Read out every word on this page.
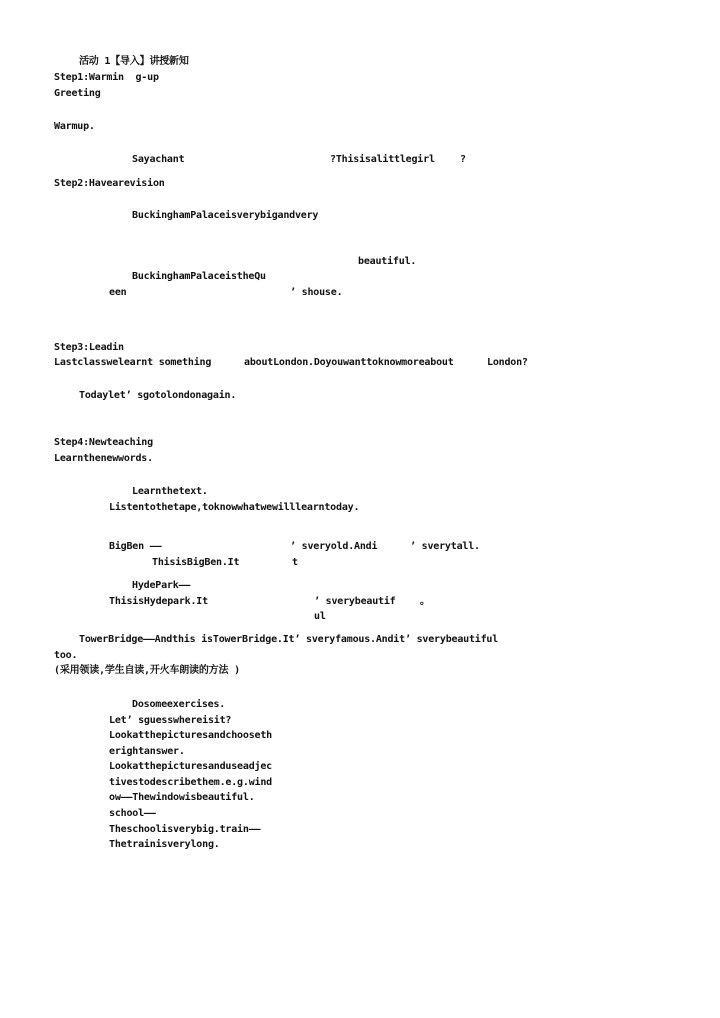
活动 1【导入】讲授新知
Step1:Warmin  g-up
Greeting
Warmup.
Sayachant	?Thisisalittlegirl	?
Step2:Havearevision
BuckinghamPalaceisverybigandvery
beautiful.
BuckinghamPalaceistheQu
een	’ shouse.
Step3:Leadin
Lastclasswelearnt something	aboutLondon.Doyouwanttoknowmoreabout	London?
Todaylet’ sgotolondonagain.
Step4:Newteaching
Learnthenewwords.
Learnthetext.
Listentothetape,toknowwhatwewilllearntoday.
BigBen ——	’ sveryold.Andi	’ sverytall.
ThisisBigBen.It	t
HydePark——
ThisisHydepark.It	’ sverybeautif 。
ul
TowerBridge——Andthis isTowerBridge.It’ sveryfamous.Andit’ sverybeautiful
too.
(采用领读,学生自读,开火车朗读的方法 )
Dosomeexercises.
Let’ sguesswhereisit?
Lookatthepicturesandchooseth
erightanswer.
Lookatthepicturesanduseadjec
tivestodescribethem.e.g.wind
ow——Thewindowisbeautiful.
school——
Theschoolisverybig.train——
Thetrainisverylong.
